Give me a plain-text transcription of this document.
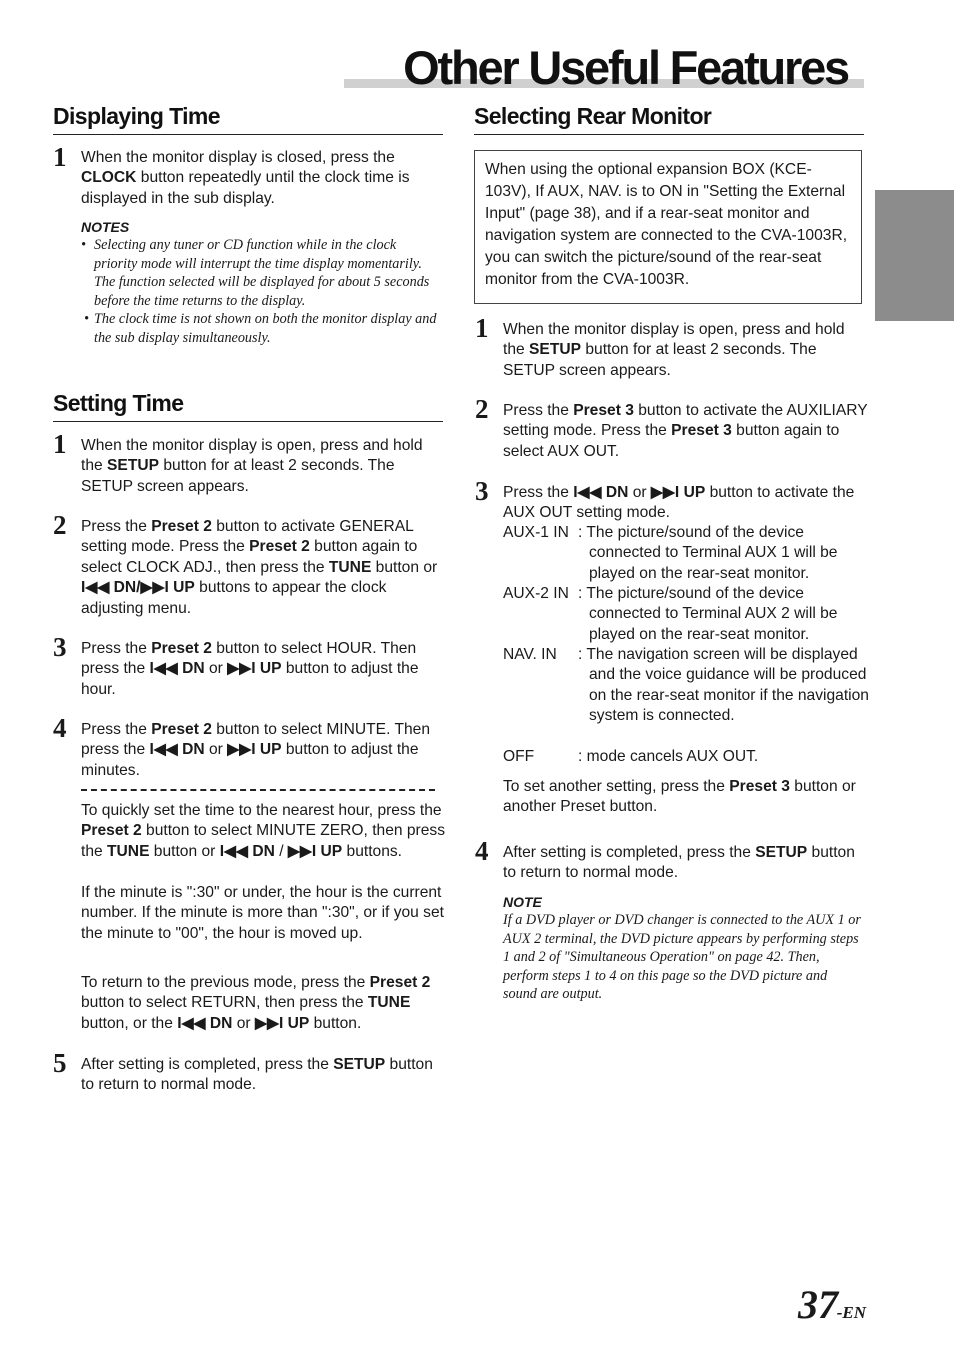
Other Useful Features
Displaying Time
1 When the monitor display is closed, press the CLOCK button repeatedly until the clock time is displayed in the sub display.

NOTES
• Selecting any tuner or CD function while in the clock priority mode will interrupt the time display momentarily. The function selected will be displayed for about 5 seconds before the time returns to the display.
• The clock time is not shown on both the monitor display and the sub display simultaneously.
Setting Time
1 When the monitor display is open, press and hold the SETUP button for at least 2 seconds. The SETUP screen appears.

2 Press the Preset 2 button to activate GENERAL setting mode. Press the Preset 2 button again to select CLOCK ADJ., then press the TUNE button or I◀◀ DN/▶▶I UP buttons to appear the clock adjusting menu.

3 Press the Preset 2 button to select HOUR. Then press the I◀◀ DN or ▶▶I UP button to adjust the hour.

4 Press the Preset 2 button to select MINUTE. Then press the I◀◀ DN or ▶▶I UP button to adjust the minutes.

To quickly set the time to the nearest hour, press the Preset 2 button to select MINUTE ZERO, then press the TUNE button or I◀◀ DN / ▶▶I UP buttons.

If the minute is ":30" or under, the hour is the current number. If the minute is more than ":30", or if you set the minute to "00", the hour is moved up.

To return to the previous mode, press the Preset 2 button to select RETURN, then press the TUNE button, or the I◀◀ DN or ▶▶I UP button.

5 After setting is completed, press the SETUP button to return to normal mode.

Selecting Rear Monitor
When using the optional expansion BOX (KCE-103V), If AUX, NAV. is to ON in "Setting the External Input" (page 38), and if a rear-seat monitor and navigation system are connected to the CVA-1003R, you can switch the picture/sound of the rear-seat monitor from the CVA-1003R.
1 When the monitor display is open, press and hold the SETUP button for at least 2 seconds. The SETUP screen appears.

2 Press the Preset 3 button to activate the AUXILIARY setting mode. Press the Preset 3 button again to select AUX OUT.

3 Press the I◀◀ DN or ▶▶I UP button to activate the AUX OUT setting mode.

AUX-1 IN : The picture/sound of the device connected to Terminal AUX 1 will be played on the rear-seat monitor.
AUX-2 IN : The picture/sound of the device connected to Terminal AUX 2 will be played on the rear-seat monitor.
NAV. IN	: The navigation screen will be displayed and the voice guidance will be produced on the rear-seat monitor if the navigation system is connected.
OFF	: mode cancels AUX OUT.

To set another setting, press the Preset 3 button or another Preset button.

4 After setting is completed, press the SETUP button to return to normal mode.

NOTE
If a DVD player or DVD changer is connected to the AUX 1 or AUX 2 terminal, the DVD picture appears by performing steps 1 and 2 of "Simultaneous Operation" on page 42. Then, perform steps 1 to 4 on this page so the DVD picture and sound are output.
37
-EN
